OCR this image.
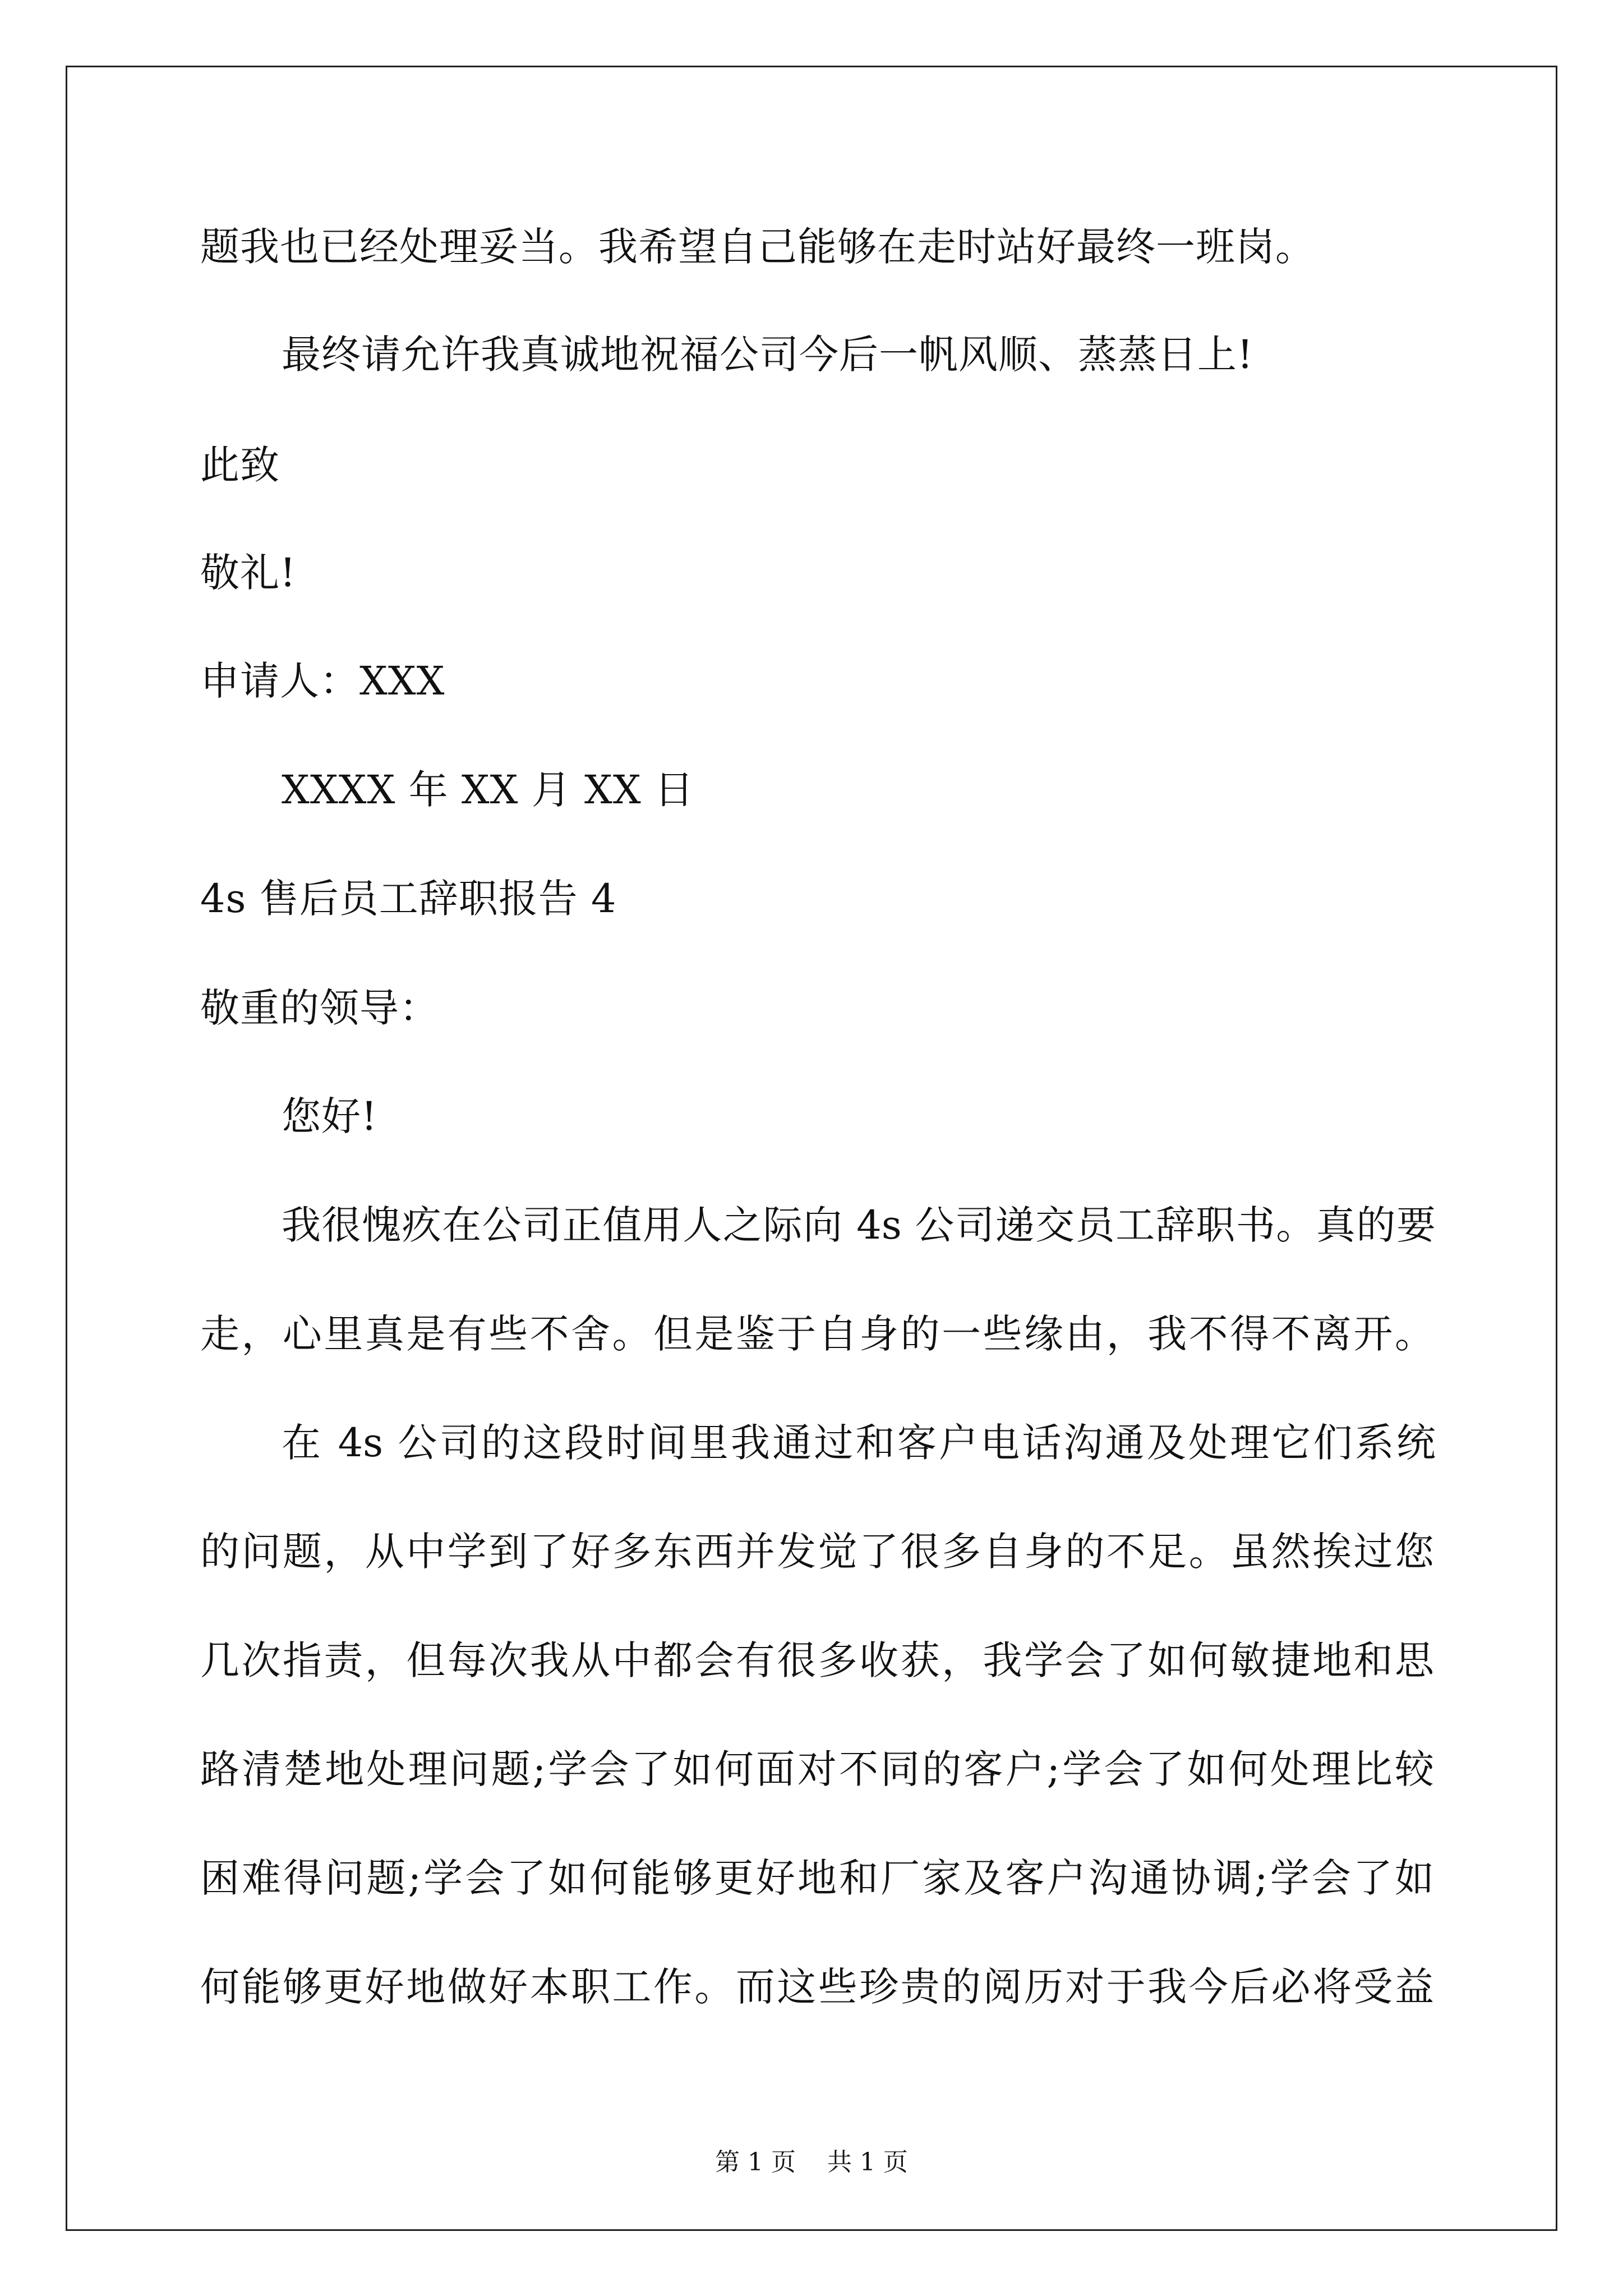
题我也已经处理妥当。我希望自己能够在走时站好最终一班岗。
最终请允许我真诚地祝福公司今后一帆风顺、蒸蒸日上!
此致
敬礼!
申请人：XXX
XXXX 年 XX 月 XX 日
4s 售后员工辞职报告 4
敬重的领导：
您好!
我很愧疚在公司正值用人之际向 4s 公司递交员工辞职书。真的要
走，心里真是有些不舍。但是鉴于自身的一些缘由，我不得不离开。
在 4s 公司的这段时间里我通过和客户电话沟通及处理它们系统
的问题，从中学到了好多东西并发觉了很多自身的不足。虽然挨过您
几次指责，但每次我从中都会有很多收获，我学会了如何敏捷地和思
路清楚地处理问题;学会了如何面对不同的客户;学会了如何处理比较
困难得问题;学会了如何能够更好地和厂家及客户沟通协调;学会了如
何能够更好地做好本职工作。而这些珍贵的阅历对于我今后必将受益
第 1 页    共 1 页
